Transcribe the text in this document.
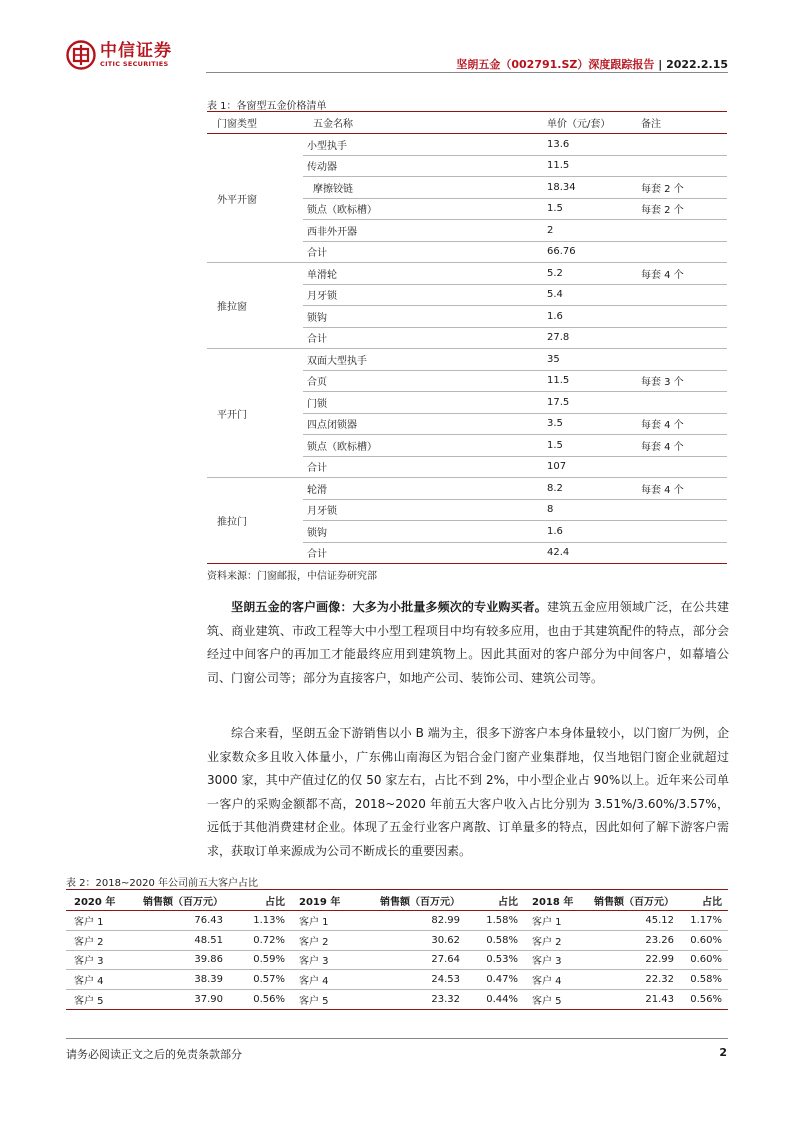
中信证券
CITIC SECURITIES	坚朗五金（002791.SZ）深度跟踪报告 | 2022.2.15
表 1：各窗型五金价格清单
门窗类型	五金名称	单价（元/套）	备注
外平开窗	小型执手	13.6	
	传动器	11.5	
	摩擦铰链	18.34	每套 2 个
	锁点（欧标槽）	1.5	每套 2 个
	西非外开器	2	
	合计	66.76	
推拉窗	单滑轮	5.2	每套 4 个
	月牙锁	5.4	
	锁钩	1.6	
	合计	27.8	
平开门	双面大型执手	35	
	合页	11.5	每套 3 个
	门锁	17.5	
	四点闭锁器	3.5	每套 4 个
	锁点（欧标槽）	1.5	每套 4 个
	合计	107	
推拉门	轮滑	8.2	每套 4 个
	月牙锁	8	
	锁钩	1.6	
	合计	42.4	
资料来源：门窗邮报，中信证券研究部

坚朗五金的客户画像：大多为小批量多频次的专业购买者。建筑五金应用领域广泛，在公共建筑、商业建筑、市政工程等大中小型工程项目中均有较多应用，也由于其建筑配件的特点，部分会经过中间客户的再加工才能最终应用到建筑物上。因此其面对的客户部分为中间客户，如幕墙公司、门窗公司等；部分为直接客户，如地产公司、装饰公司、建筑公司等。

综合来看，坚朗五金下游销售以小 B 端为主，很多下游客户本身体量较小，以门窗厂为例，企业家数众多且收入体量小，广东佛山南海区为铝合金门窗产业集群地，仅当地铝门窗企业就超过 3000 家，其中产值过亿的仅 50 家左右，占比不到 2%，中小型企业占 90%以上。近年来公司单一客户的采购金额都不高，2018~2020 年前五大客户收入占比分别为 3.51%/3.60%/3.57%，远低于其他消费建材企业。体现了五金行业客户离散、订单量多的特点，因此如何了解下游客户需求，获取订单来源成为公司不断成长的重要因素。

表 2：2018~2020 年公司前五大客户占比
2020 年	销售额（百万元）	占比	2019 年	销售额（百万元）	占比	2018 年	销售额（百万元）	占比
客户 1	76.43	1.13%	客户 1	82.99	1.58%	客户 1	45.12	1.17%
客户 2	48.51	0.72%	客户 2	30.62	0.58%	客户 2	23.26	0.60%
客户 3	39.86	0.59%	客户 3	27.64	0.53%	客户 3	22.99	0.60%
客户 4	38.39	0.57%	客户 4	24.53	0.47%	客户 4	22.32	0.58%
客户 5	37.90	0.56%	客户 5	23.32	0.44%	客户 5	21.43	0.56%
请务必阅读正文之后的免责条款部分	2
